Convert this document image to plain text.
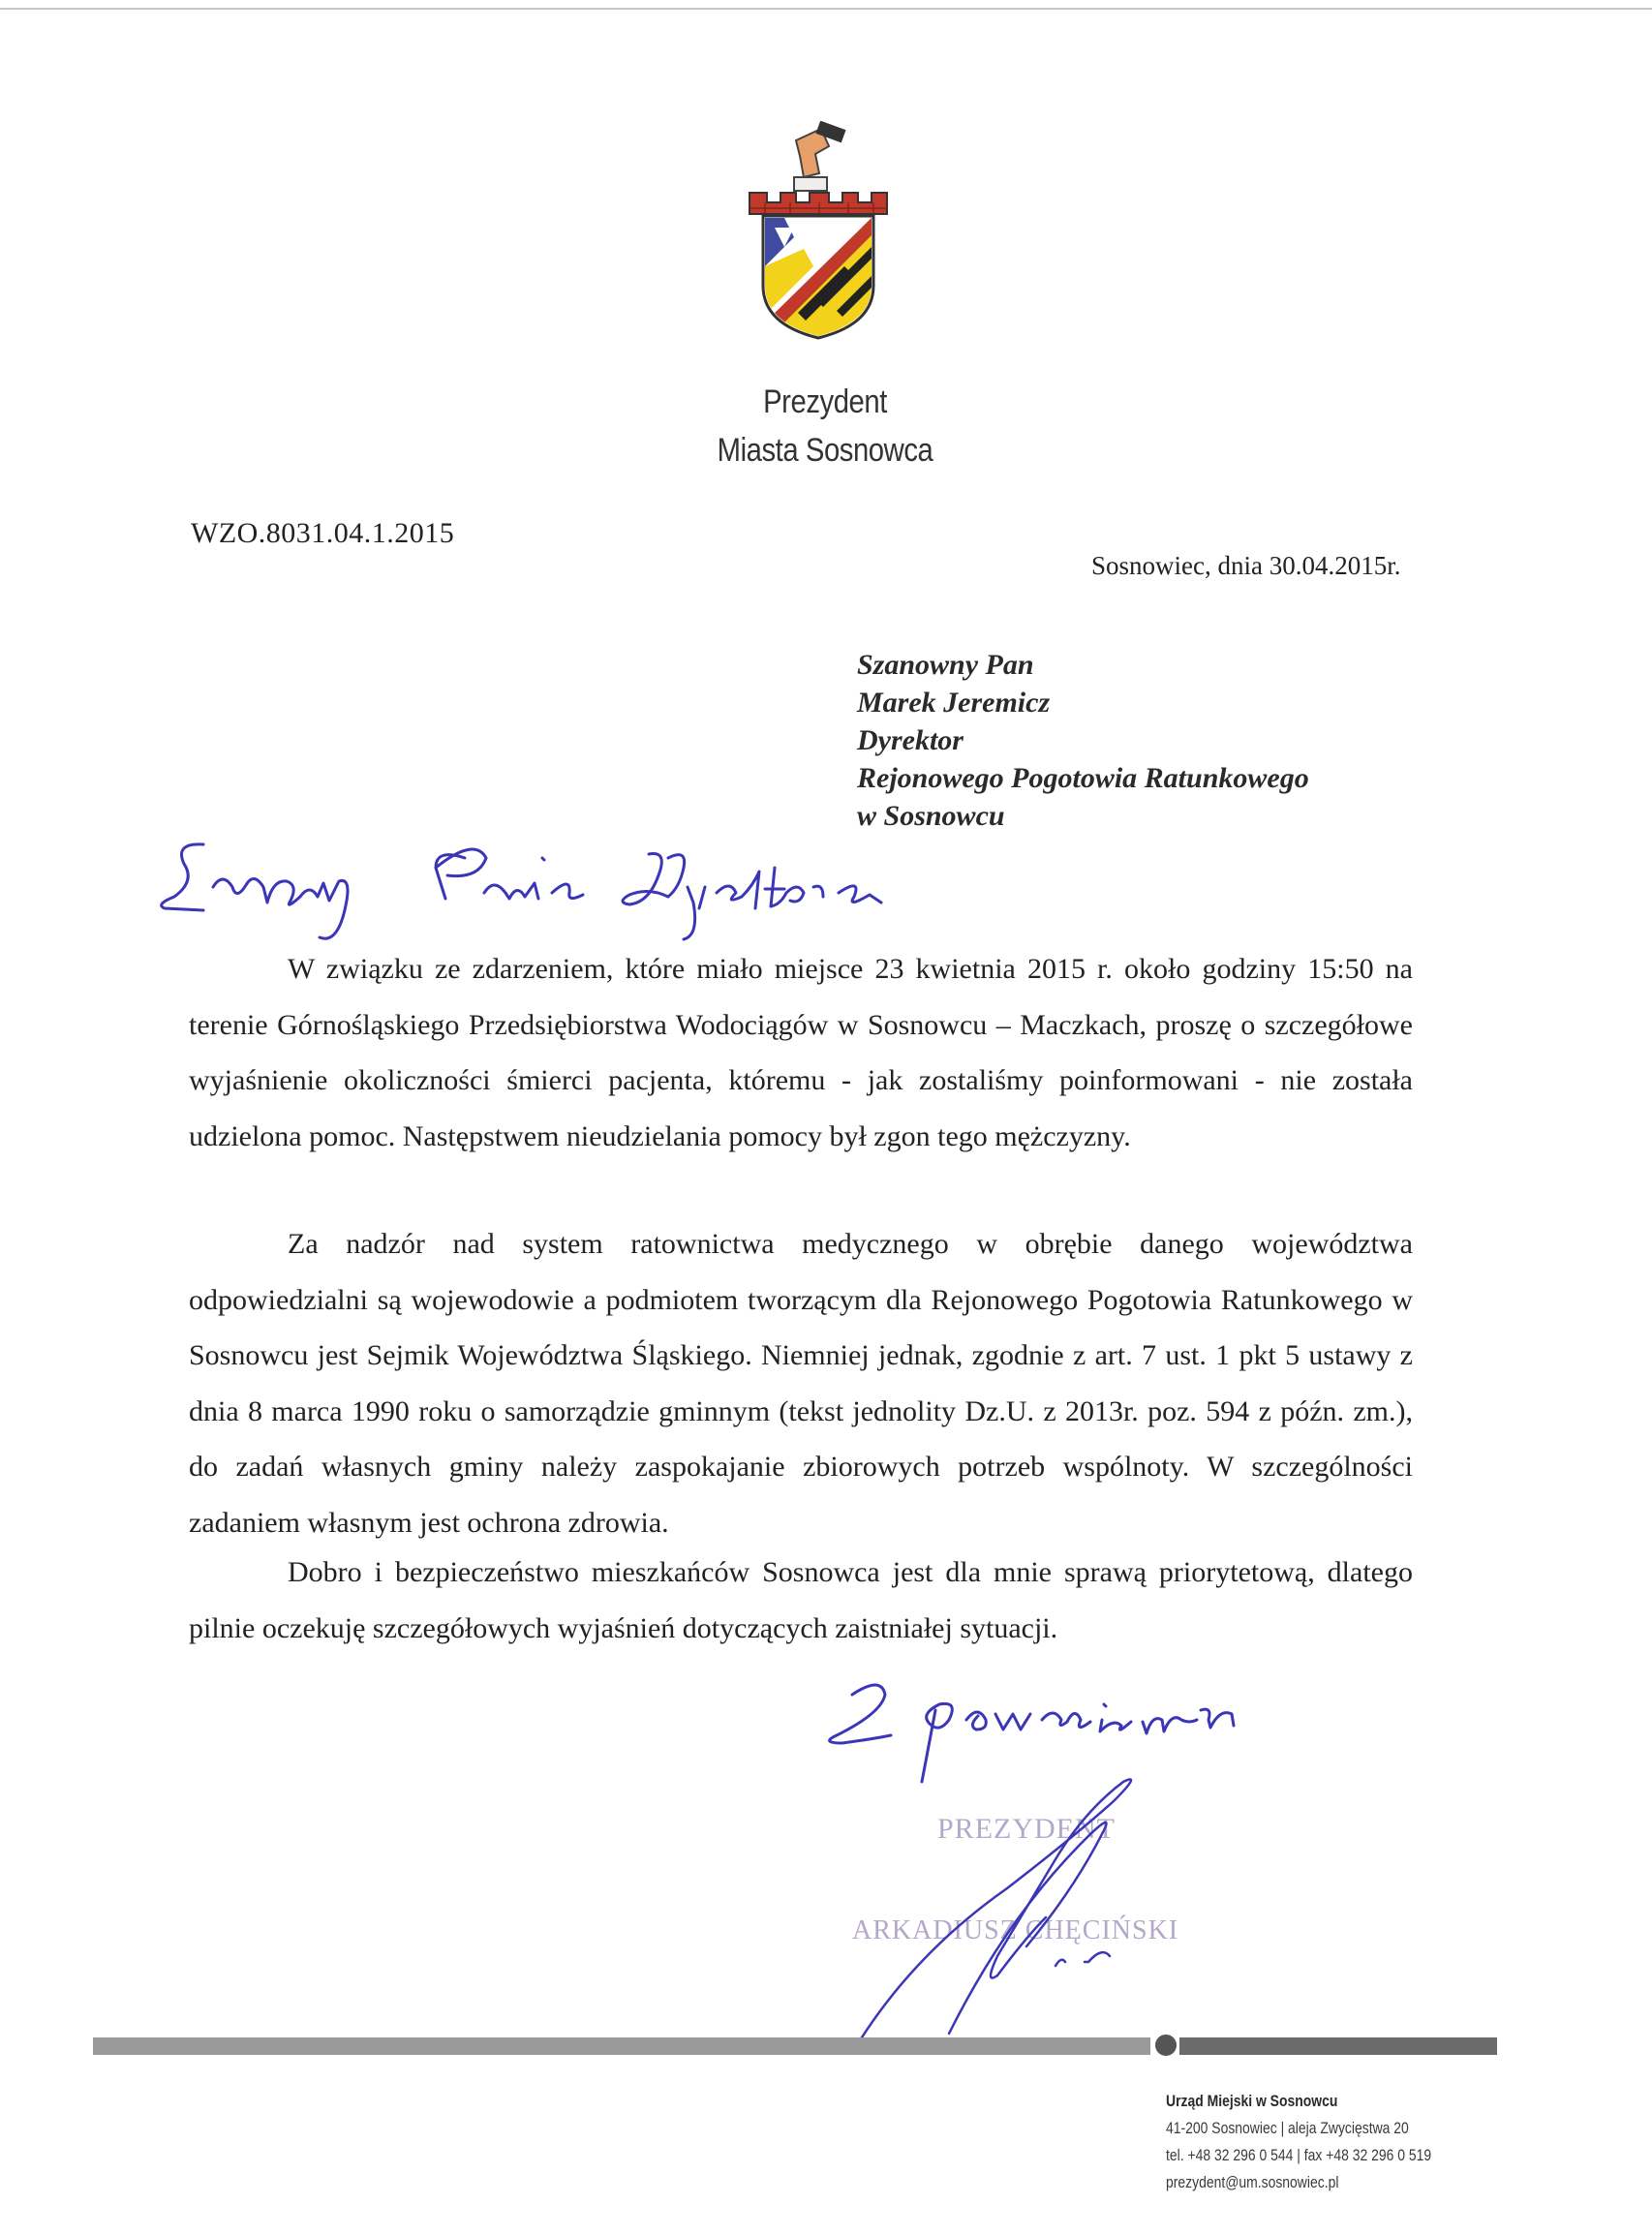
Prezydent
Miasta Sosnowca
WZO.8031.04.1.2015
Sosnowiec, dnia 30.04.2015r.
Szanowny Pan
Marek Jeremicz
Dyrektor
Rejonowego Pogotowia Ratunkowego
w Sosnowcu

W związku ze zdarzeniem, które miało miejsce 23 kwietnia 2015 r. około godziny 15:50 na terenie Górnośląskiego Przedsiębiorstwa Wodociągów w Sosnowcu – Maczkach, proszę o szczegółowe wyjaśnienie okoliczności śmierci pacjenta, któremu - jak zostaliśmy poinformowani - nie została udzielona pomoc. Następstwem nieudzielania pomocy był zgon tego mężczyzny.

Za nadzór nad system ratownictwa medycznego w obrębie danego województwa odpowiedzialni są wojewodowie a podmiotem tworzącym dla Rejonowego Pogotowia Ratunkowego w Sosnowcu jest Sejmik Województwa Śląskiego. Niemniej jednak, zgodnie z art. 7 ust. 1 pkt 5 ustawy z dnia 8 marca 1990 roku o samorządzie gminnym (tekst jednolity Dz.U. z 2013r. poz. 594 z późn. zm.), do zadań własnych gminy należy zaspokajanie zbiorowych potrzeb wspólnoty. W szczególności zadaniem własnym jest ochrona zdrowia.

Dobro i bezpieczeństwo mieszkańców Sosnowca jest dla mnie sprawą priorytetową, dlatego pilnie oczekuję szczegółowych wyjaśnień dotyczących zaistniałej sytuacji.

PREZYDENT
ARKADIUSZ CHĘCIŃSKI
Urząd Miejski w Sosnowcu
41-200 Sosnowiec | aleja Zwycięstwa 20
tel. +48 32 296 0 544 | fax +48 32 296 0 519
prezydent@um.sosnowiec.pl
